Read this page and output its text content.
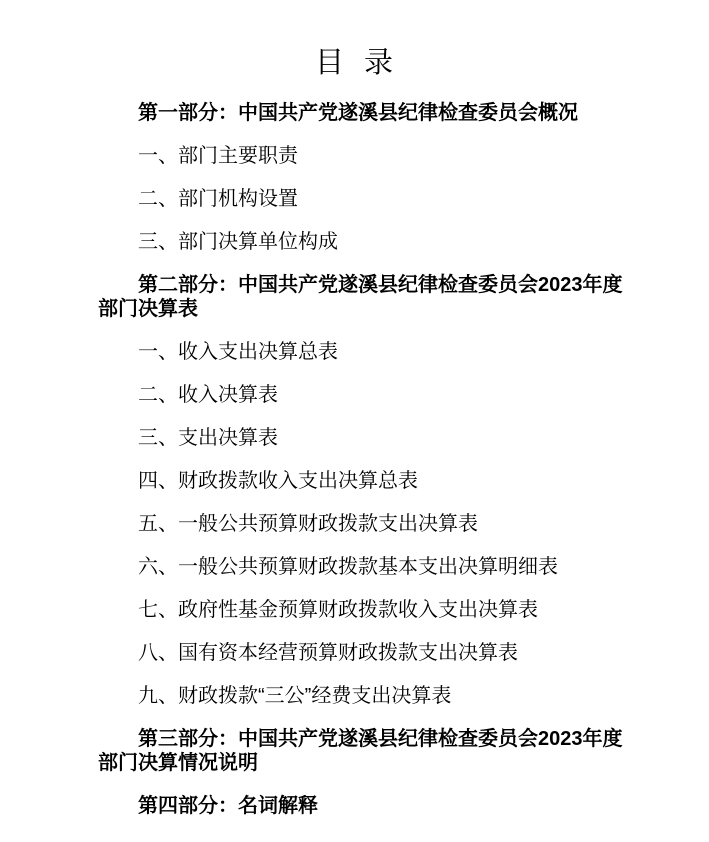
目 录

第一部分：中国共产党遂溪县纪律检查委员会概况

一、部门主要职责

二、部门机构设置

三、部门决算单位构成

第二部分：中国共产党遂溪县纪律检查委员会2023年度
部门决算表

一、收入支出决算总表

二、收入决算表

三、支出决算表

四、财政拨款收入支出决算总表

五、一般公共预算财政拨款支出决算表

六、一般公共预算财政拨款基本支出决算明细表

七、政府性基金预算财政拨款收入支出决算表

八、国有资本经营预算财政拨款支出决算表

九、财政拨款“三公”经费支出决算表

第三部分：中国共产党遂溪县纪律检查委员会2023年度
部门决算情况说明

第四部分：名词解释
